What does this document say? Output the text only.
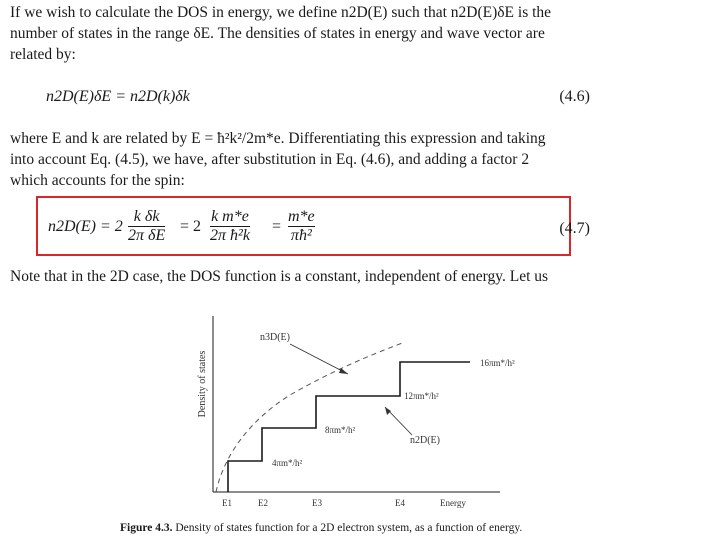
If we wish to calculate the DOS in energy, we define n2D(E) such that n2D(E)δE is the
number of states in the range δE. The densities of states in energy and wave vector are
related by:
n2D(E)δE = n2D(k)δk	(4.6)
where E and k are related by E = ħ²k²/2m*e. Differentiating this expression and taking
into account Eq. (4.5), we have, after substitution in Eq. (4.6), and adding a factor 2
which accounts for the spin:
$n2D(E) = 2 \frac{\text{k δk}}{\text{2π δE}} = 2 \frac{\text{k m*e}}{\text{2π ħ²k}} = \frac{m*e}{\text{πħ²}}$	(4.7)
Note that in the 2D case, the DOS function is a constant, independent of energy. Let us
Density of states
n3D(E)
n2D(E)
4πm*/h²
8πm*/h²
12πm*/h²
16πm*/h²
E1	E2	E3	E4	Energy
Figure 4.3. Density of states function for a 2D electron system, as a function of energy.
